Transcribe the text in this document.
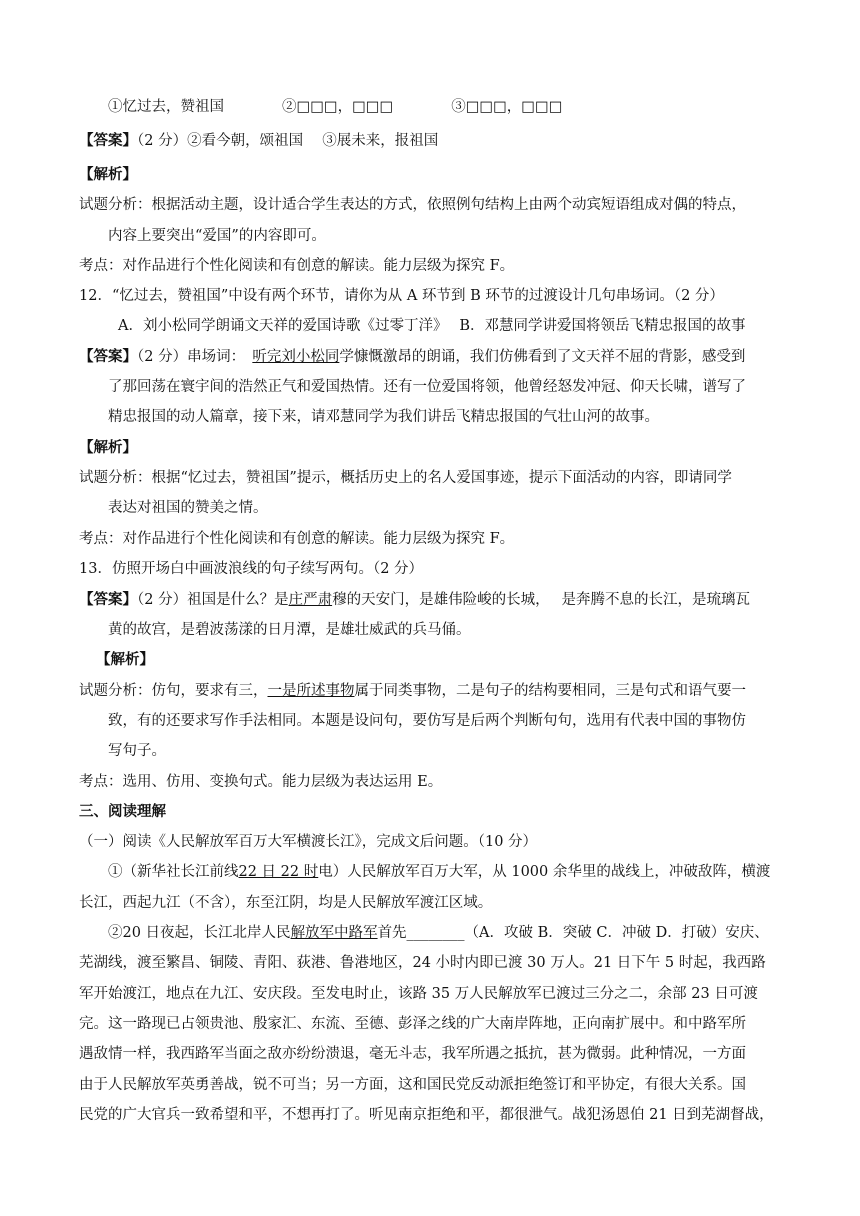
①忆过去，赞祖国　　　　②□□□，□□□　　　　③□□□，□□□
【答案】（2 分）②看今朝，颂祖国　 ③展未来，报祖国
【解析】
试题分析：根据活动主题，设计适合学生表达的方式，依照例句结构上由两个动宾短语组成对偶的特点，
内容上要突出“爱国”的内容即可。
考点：对作品进行个性化阅读和有创意的解读。能力层级为探究 F。
12．“忆过去，赞祖国”中设有两个环节，请你为从 A 环节到 B 环节的过渡设计几句串场词。（2 分）
A．刘小松同学朗诵文天祥的爱国诗歌《过零丁洋》　 B．邓慧同学讲爱国将领岳飞精忠报国的故事
【答案】（2 分）串场词：　听完刘小松同学慷慨激昂的朗诵，我们仿佛看到了文天祥不屈的背影，感受到
了那回荡在寰宇间的浩然正气和爱国热情。还有一位爱国将领，他曾经怒发冲冠、仰天长啸，谱写了
精忠报国的动人篇章，接下来，请邓慧同学为我们讲岳飞精忠报国的气壮山河的故事。
【解析】
试题分析：根据“忆过去，赞祖国”提示，概括历史上的名人爱国事迹，提示下面活动的内容，即请同学
表达对祖国的赞美之情。
考点：对作品进行个性化阅读和有创意的解读。能力层级为探究 F。
13．仿照开场白中画波浪线的句子续写两句。（2 分）
【答案】（2 分）祖国是什么？是庄严肃穆的天安门，是雄伟险峻的长城，　 是奔腾不息的长江，是琉璃瓦
黄的故宫，是碧波荡漾的日月潭，是雄壮威武的兵马俑。
【解析】
试题分析：仿句，要求有三，一是所述事物属于同类事物，二是句子的结构要相同，三是句式和语气要一
致，有的还要求写作手法相同。本题是设问句，要仿写是后两个判断句句，选用有代表中国的事物仿
写句子。
考点：选用、仿用、变换句式。能力层级为表达运用 E。
三、阅读理解
（一）阅读《人民解放军百万大军横渡长江》，完成文后问题。（10 分）
①（新华社长江前线22 日 22 时电）人民解放军百万大军，从 1000 余华里的战线上，冲破敌阵，横渡
长江，西起九江（不含），东至江阴，均是人民解放军渡江区域。
②20 日夜起，长江北岸人民解放军中路军首先________（A．攻破 B．突破 C．冲破 D．打破）安庆、
芜湖线，渡至繁昌、铜陵、青阳、荻港、鲁港地区，24 小时内即已渡 30 万人。21 日下午 5 时起，我西路
军开始渡江，地点在九江、安庆段。至发电时止，该路 35 万人民解放军已渡过三分之二，余部 23 日可渡
完。这一路现已占领贵池、殷家汇、东流、至德、彭泽之线的广大南岸阵地，正向南扩展中。和中路军所
遇敌情一样，我西路军当面之敌亦纷纷溃退，毫无斗志，我军所遇之抵抗，甚为微弱。此种情况，一方面
由于人民解放军英勇善战，锐不可当；另一方面，这和国民党反动派拒绝签订和平协定，有很大关系。国
民党的广大官兵一致希望和平，不想再打了。听见南京拒绝和平，都很泄气。战犯汤恩伯 21 日到芜湖督战，
